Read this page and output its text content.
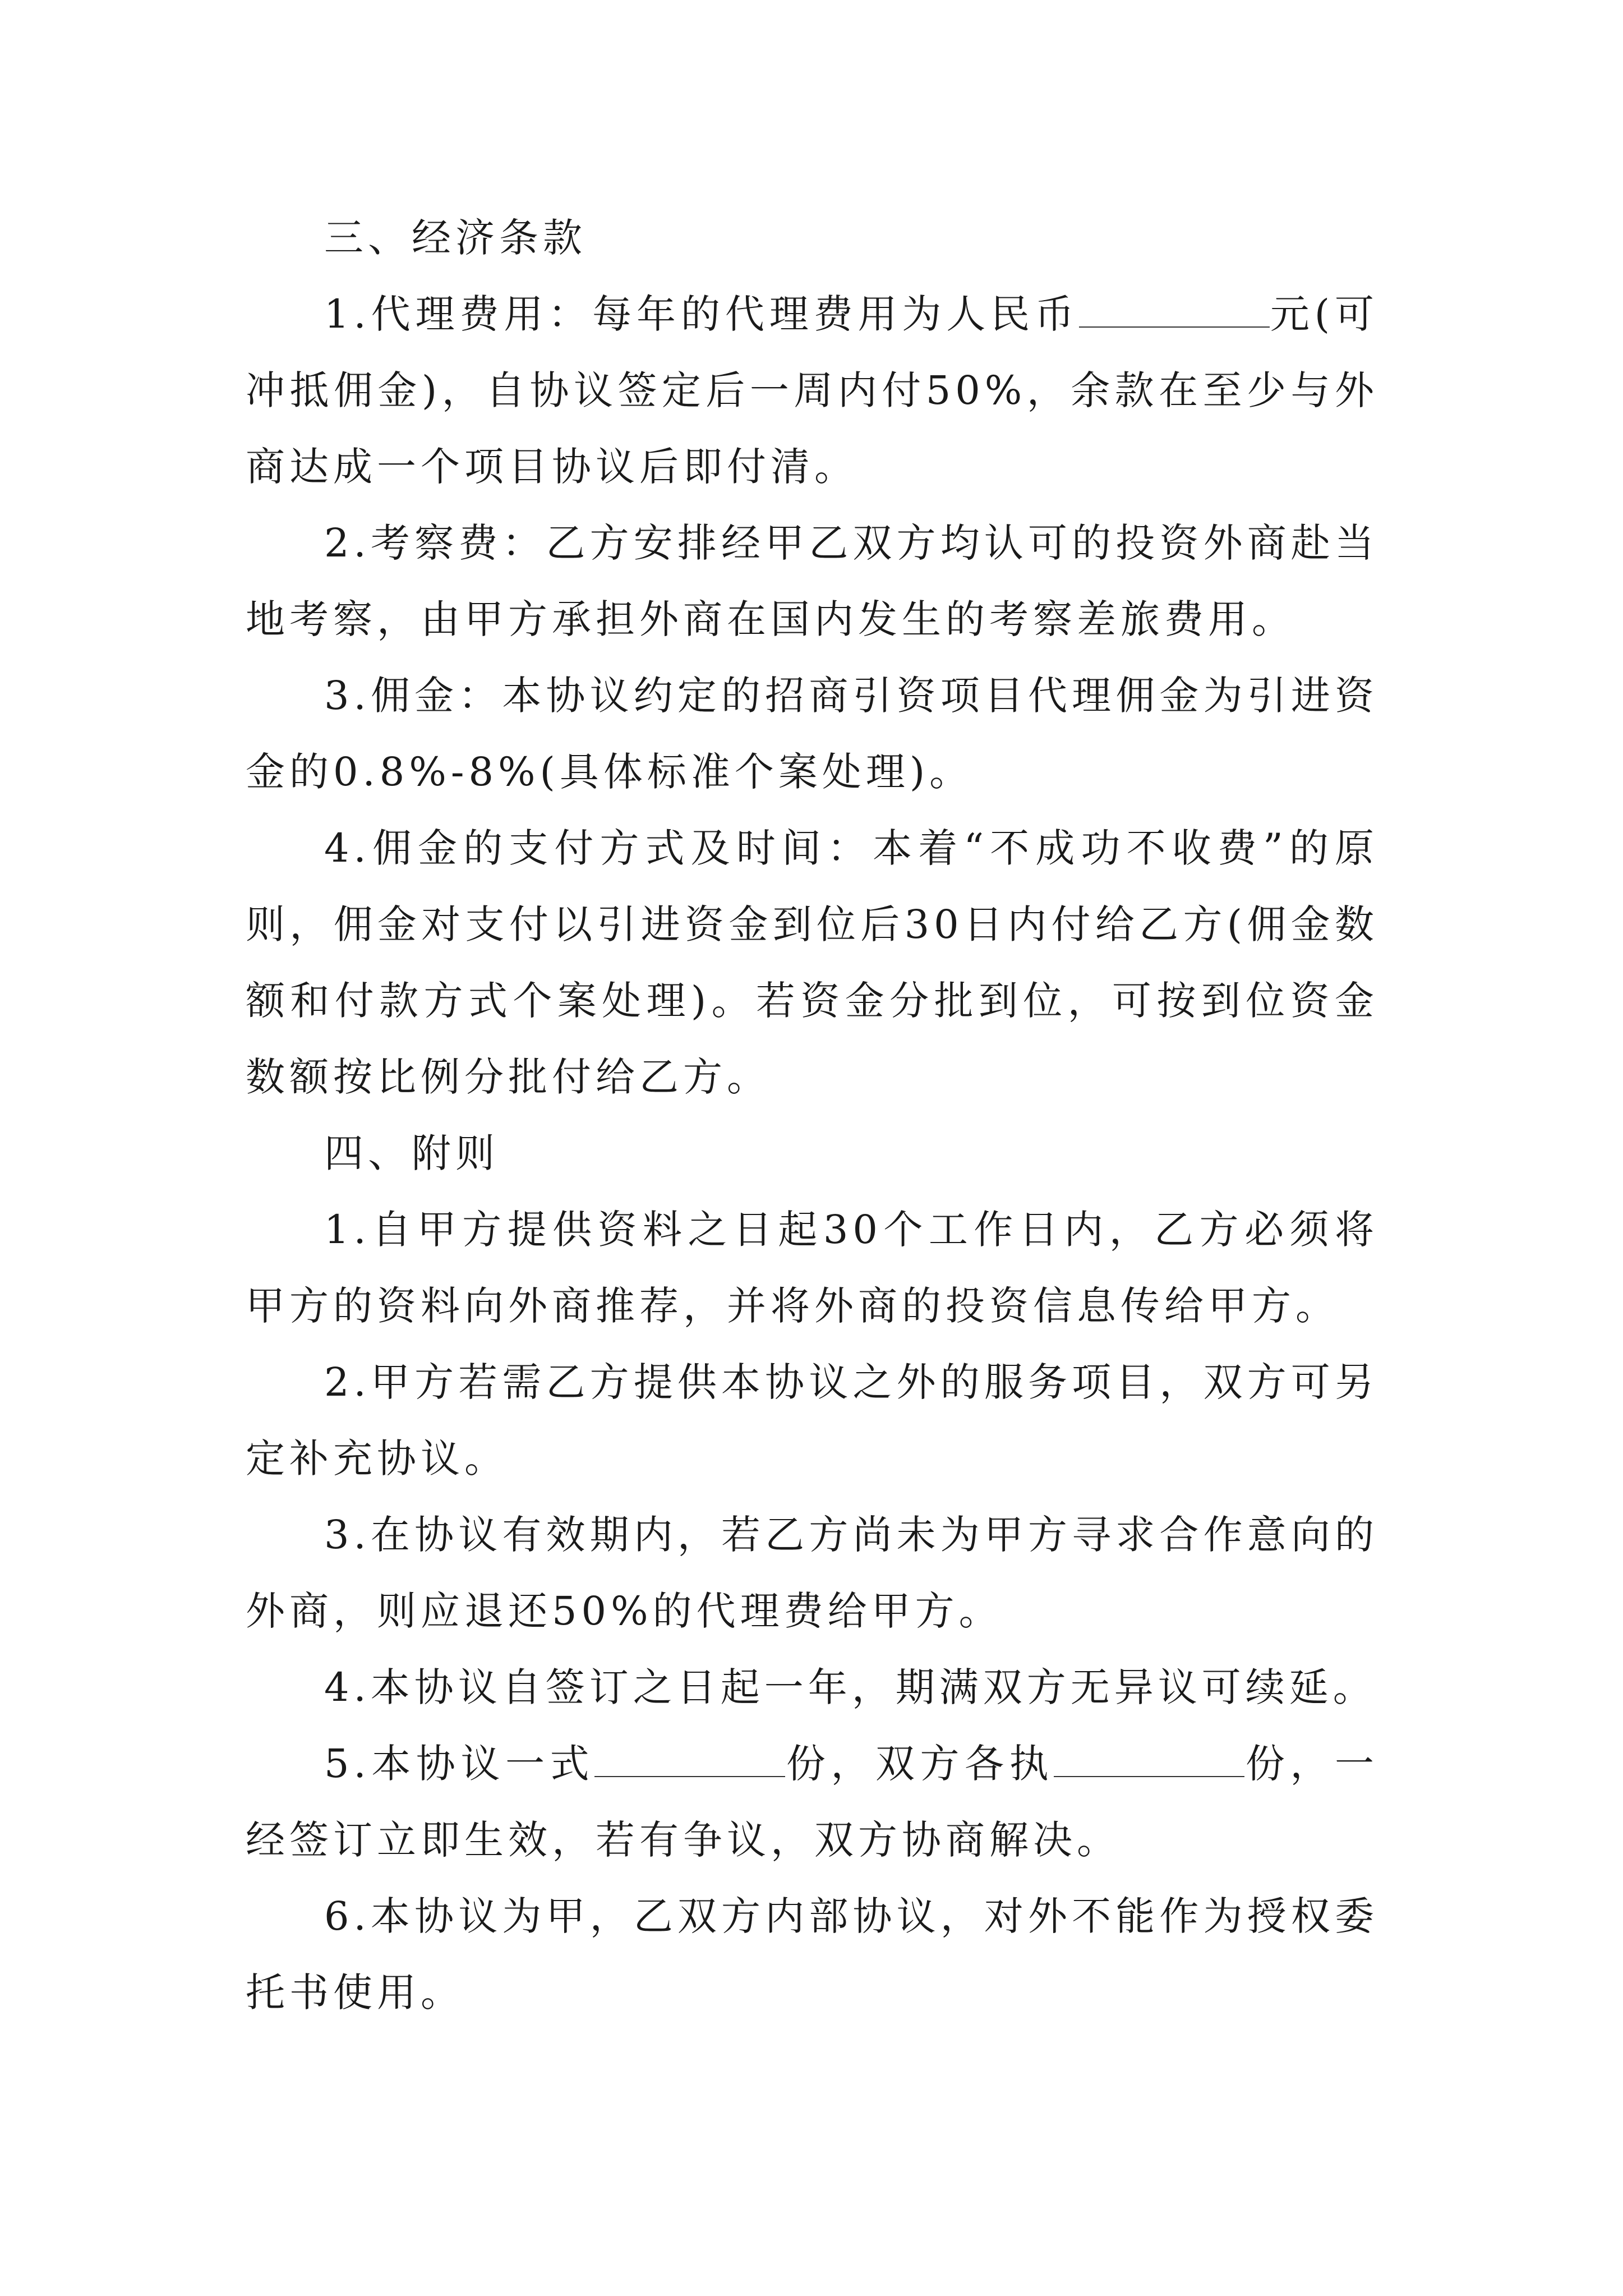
三、经济条款

1.代理费用：每年的代理费用为人民币	元(可冲抵佣金)，自协议签定后一周内付50%，余款在至少与外商达成一个项目协议后即付清。

2.考察费：乙方安排经甲乙双方均认可的投资外商赴当地考察，由甲方承担外商在国内发生的考察差旅费用。

3.佣金：本协议约定的招商引资项目代理佣金为引进资金的0.8%-8%(具体标准个案处理)。

4.佣金的支付方式及时间：本着“不成功不收费”的原则，佣金对支付以引进资金到位后30日内付给乙方(佣金数额和付款方式个案处理)。若资金分批到位，可按到位资金数额按比例分批付给乙方。

四、附则

1.自甲方提供资料之日起30个工作日内，乙方必须将甲方的资料向外商推荐，并将外商的投资信息传给甲方。

2.甲方若需乙方提供本协议之外的服务项目，双方可另定补充协议。

3.在协议有效期内，若乙方尚未为甲方寻求合作意向的外商，则应退还50%的代理费给甲方。

4.本协议自签订之日起一年，期满双方无异议可续延。

5.本协议一式	份，双方各执	份，一经签订立即生效，若有争议，双方协商解决。

6.本协议为甲，乙双方内部协议，对外不能作为授权委托书使用。
